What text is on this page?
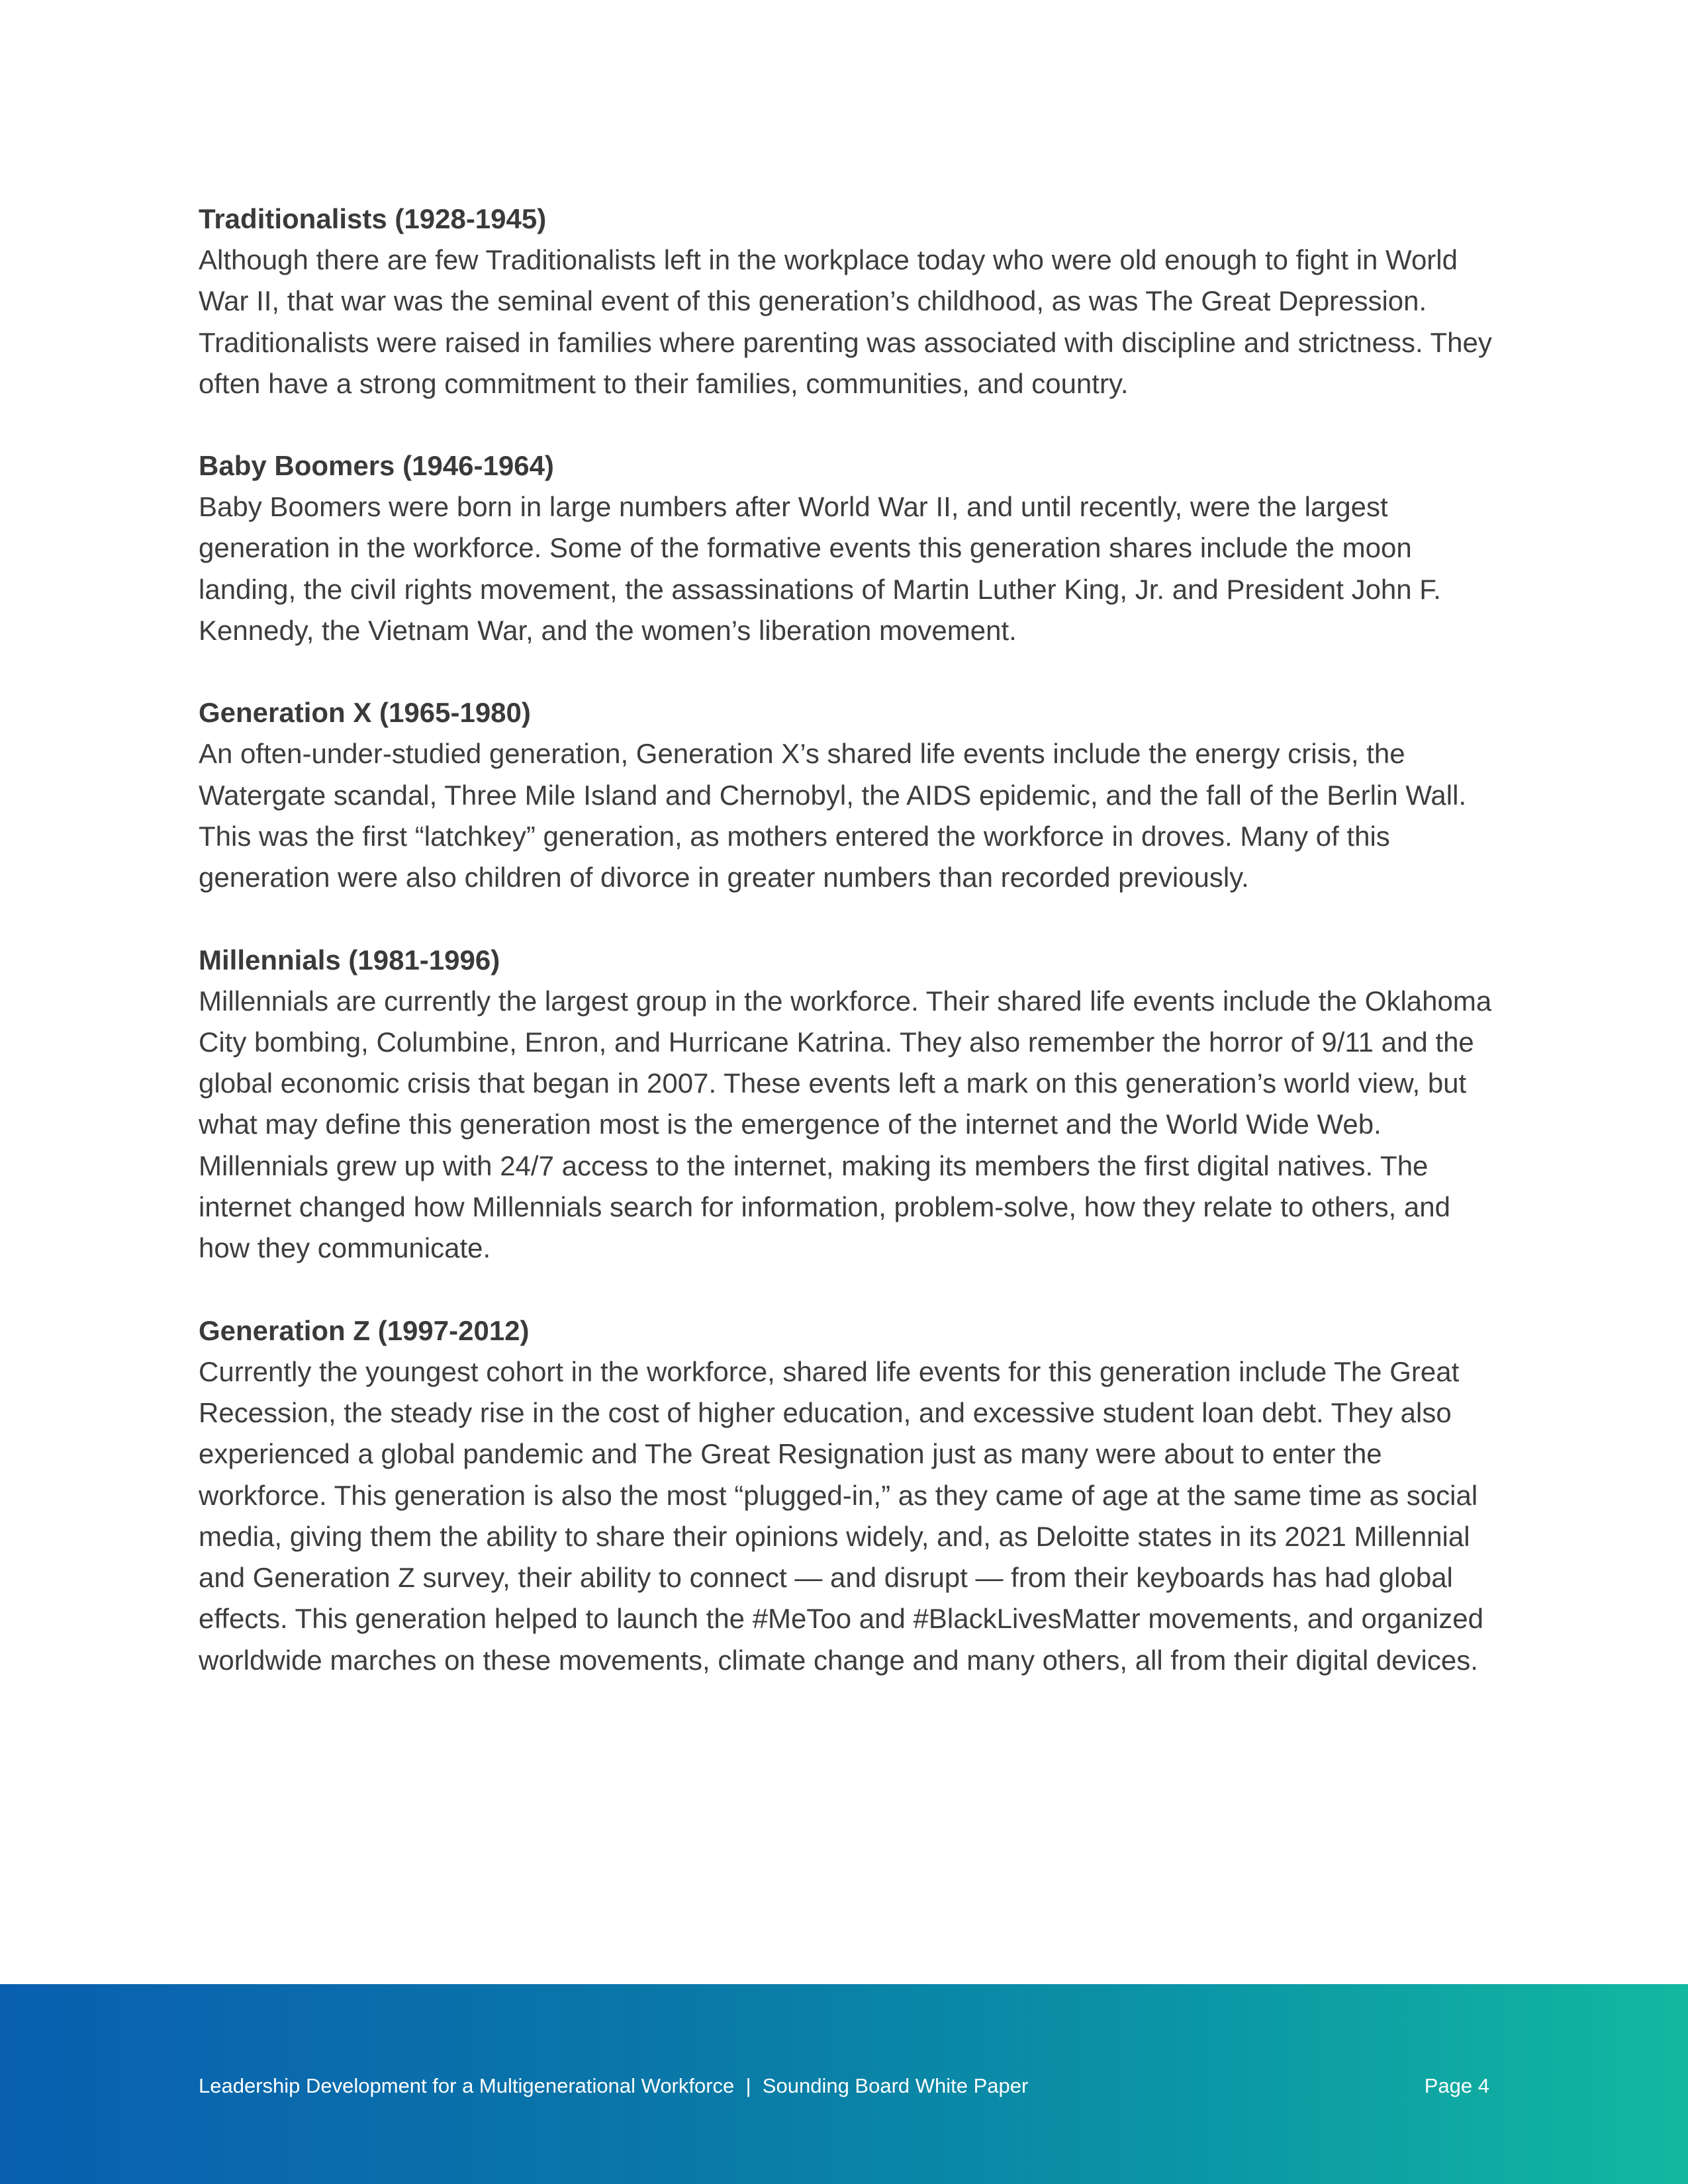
Traditionalists (1928-1945)

Although there are few Traditionalists left in the workplace today who were old enough to fight in World War II, that war was the seminal event of this generation’s childhood, as was The Great Depression. Traditionalists were raised in families where parenting was associated with discipline and strictness. They often have a strong commitment to their families, communities, and country.

Baby Boomers (1946-1964)

Baby Boomers were born in large numbers after World War II, and until recently, were the largest generation in the workforce. Some of the formative events this generation shares include the moon landing, the civil rights movement, the assassinations of Martin Luther King, Jr. and President John F. Kennedy, the Vietnam War, and the women’s liberation movement.

Generation X (1965-1980)

An often-under-studied generation, Generation X’s shared life events include the energy crisis, the Watergate scandal, Three Mile Island and Chernobyl, the AIDS epidemic, and the fall of the Berlin Wall. This was the first “latchkey” generation, as mothers entered the workforce in droves. Many of this generation were also children of divorce in greater numbers than recorded previously.

Millennials (1981-1996)

Millennials are currently the largest group in the workforce. Their shared life events include the Oklahoma City bombing, Columbine, Enron, and Hurricane Katrina. They also remember the horror of 9/11 and the global economic crisis that began in 2007. These events left a mark on this generation’s world view, but what may define this generation most is the emergence of the internet and the World Wide Web. Millennials grew up with 24/7 access to the internet, making its members the first digital natives. The internet changed how Millennials search for information, problem-solve, how they relate to others, and how they communicate.

Generation Z (1997-2012)

Currently the youngest cohort in the workforce, shared life events for this generation include The Great Recession, the steady rise in the cost of higher education, and excessive student loan debt. They also experienced a global pandemic and The Great Resignation just as many were about to enter the workforce. This generation is also the most “plugged-in,” as they came of age at the same time as social media, giving them the ability to share their opinions widely, and, as Deloitte states in its 2021 Millennial and Generation Z survey, their ability to connect — and disrupt — from their keyboards has had global effects. This generation helped to launch the #MeToo and #BlackLivesMatter movements, and organized worldwide marches on these movements, climate change and many others, all from their digital devices.

Leadership Development for a Multigenerational Workforce  |  Sounding Board White Paper	Page 4
